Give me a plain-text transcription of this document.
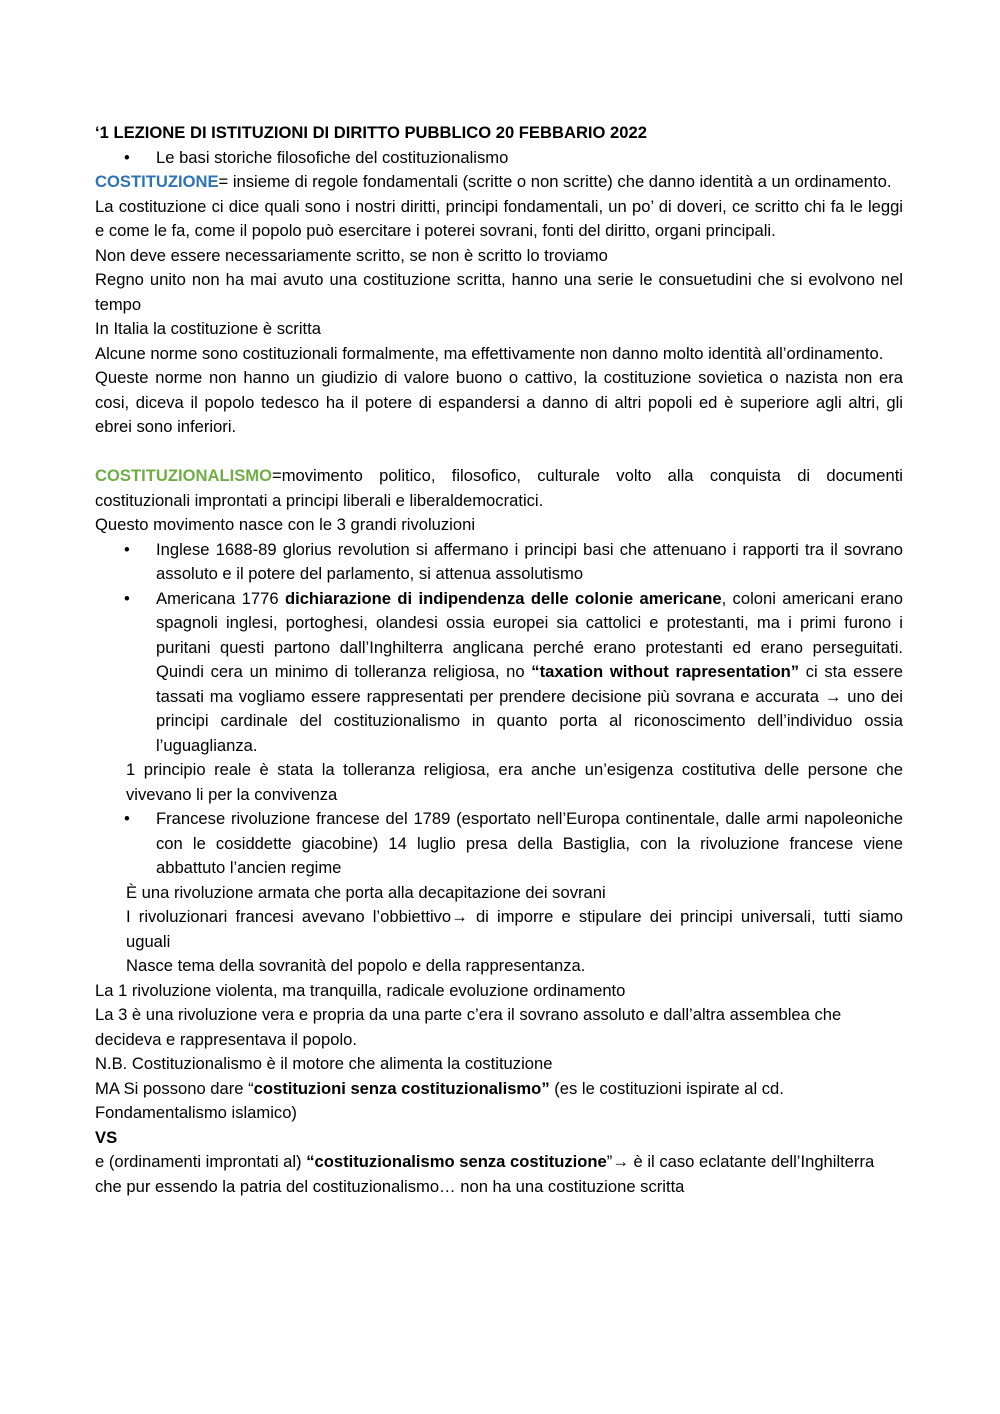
‘1 LEZIONE DI ISTITUZIONI DI DIRITTO PUBBLICO 20 FEBBARIO 2022

• Le basi storiche filosofiche del costituzionalismo

COSTITUZIONE= insieme di regole fondamentali (scritte o non scritte) che danno identità a un ordinamento.

La costituzione ci dice quali sono i nostri diritti, principi fondamentali, un po’ di doveri, ce scritto chi fa le leggi e come le fa, come il popolo può esercitare i poterei sovrani, fonti del diritto, organi principali.

Non deve essere necessariamente scritto, se non è scritto lo troviamo

Regno unito non ha mai avuto una costituzione scritta, hanno una serie le consuetudini che si evolvono nel tempo

In Italia la costituzione è scritta

Alcune norme sono costituzionali formalmente, ma effettivamente non danno molto identità all’ordinamento.

Queste norme non hanno un giudizio di valore buono o cattivo, la costituzione sovietica o nazista non era cosi, diceva il popolo tedesco ha il potere di espandersi a danno di altri popoli ed è superiore agli altri, gli ebrei sono inferiori.

COSTITUZIONALISMO=movimento politico, filosofico, culturale volto alla conquista di documenti costituzionali improntati a principi liberali e liberaldemocratici.

Questo movimento nasce con le 3 grandi rivoluzioni

• Inglese 1688-89 glorius revolution si affermano i principi basi che attenuano i rapporti tra il sovrano assoluto e il potere del parlamento, si attenua assolutismo

• Americana 1776 dichiarazione di indipendenza delle colonie americane, coloni americani erano spagnoli inglesi, portoghesi, olandesi ossia europei sia cattolici e protestanti, ma i primi furono i puritani questi partono dall’Inghilterra anglicana perché erano protestanti ed erano perseguitati. Quindi cera un minimo di tolleranza religiosa, no “taxation without rapresentation” ci sta essere tassati ma vogliamo essere rappresentati per prendere decisione più sovrana e accurata → uno dei principi cardinale del costituzionalismo in quanto porta al riconoscimento dell’individuo ossia l’uguaglianza.

1 principio reale è stata la tolleranza religiosa, era anche un’esigenza costitutiva delle persone che vivevano li per la convivenza

• Francese rivoluzione francese del 1789 (esportato nell’Europa continentale, dalle armi napoleoniche con le cosiddette giacobine) 14 luglio presa della Bastiglia, con la rivoluzione francese viene abbattuto l’ancien regime

È una rivoluzione armata che porta alla decapitazione dei sovrani

I rivoluzionari francesi avevano l’obbiettivo→ di imporre e stipulare dei principi universali, tutti siamo uguali

Nasce tema della sovranità del popolo e della rappresentanza.

La 1 rivoluzione violenta, ma tranquilla, radicale evoluzione ordinamento

La 3 è una rivoluzione vera e propria da una parte c’era il sovrano assoluto e dall’altra assemblea che decideva e rappresentava il popolo.

N.B. Costituzionalismo è il motore che alimenta la costituzione

MA Si possono dare “costituzioni senza costituzionalismo” (es le costituzioni ispirate al cd. Fondamentalismo islamico)

VS

e (ordinamenti improntati al) “costituzionalismo senza costituzione”→ è il caso eclatante dell’Inghilterra che pur essendo la patria del costituzionalismo… non ha una costituzione scritta
